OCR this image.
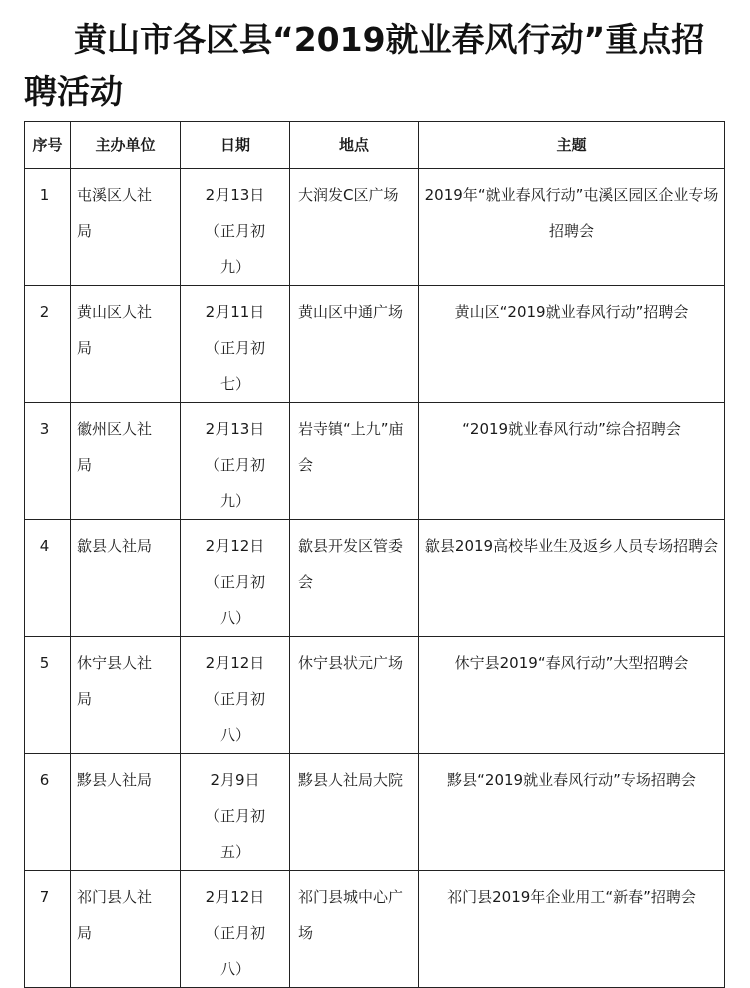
黄山市各区县“2019就业春风行动”重点招聘活动
序号	主办单位	日期	地点	主题

1	屯溪区人社局	2月13日（正月初九）	大润发C区广场	2019年“就业春风行动”屯溪区园区企业专场招聘会

2	黄山区人社局	2月11日（正月初七）	黄山区中通广场	黄山区“2019就业春风行动”招聘会

3	徽州区人社局	2月13日（正月初九）	岩寺镇“上九”庙会	“2019就业春风行动”综合招聘会

4	歙县人社局	2月12日（正月初八）	歙县开发区管委会	歙县2019高校毕业生及返乡人员专场招聘会

5	休宁县人社局	2月12日（正月初八）	休宁县状元广场	休宁县2019“春风行动”大型招聘会

6	黟县人社局	2月9日（正月初五）	黟县人社局大院	黟县“2019就业春风行动”专场招聘会

7	祁门县人社局	2月12日（正月初八）	祁门县城中心广场	祁门县2019年企业用工“新春”招聘会
